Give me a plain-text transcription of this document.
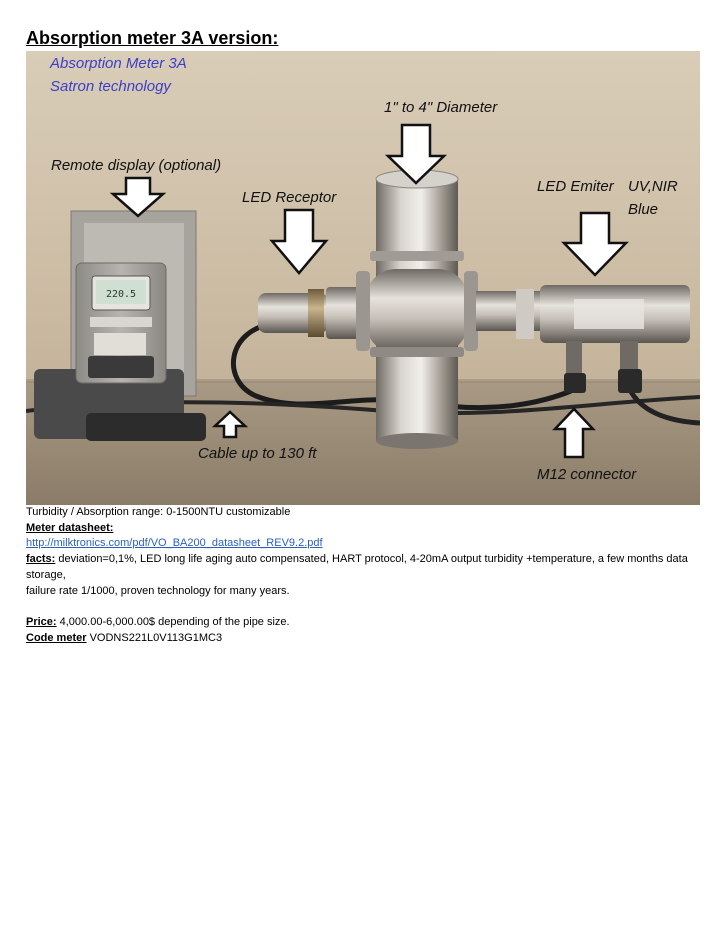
Absorption meter 3A version:
220.5
Absorption Meter 3A
Satron technology
1" to 4" Diameter
Remote display (optional)
LED Receptor
LED Emiter UV,NIR
Blue
Cable up to 130 ft
M12 connector
Turbidity / Absorption range: 0-1500NTU customizable
Meter datasheet:
http://milktronics.com/pdf/VO_BA200_datasheet_REV9.2.pdf
facts: deviation=0,1%, LED long life aging auto compensated, HART protocol, 4-20mA output turbidity +temperature, a few months data storage,
failure rate 1/1000, proven technology for many years.
Price: 4,000.00-6,000.00$ depending of the pipe size.
Code meter VODNS221L0V113G1MC3
